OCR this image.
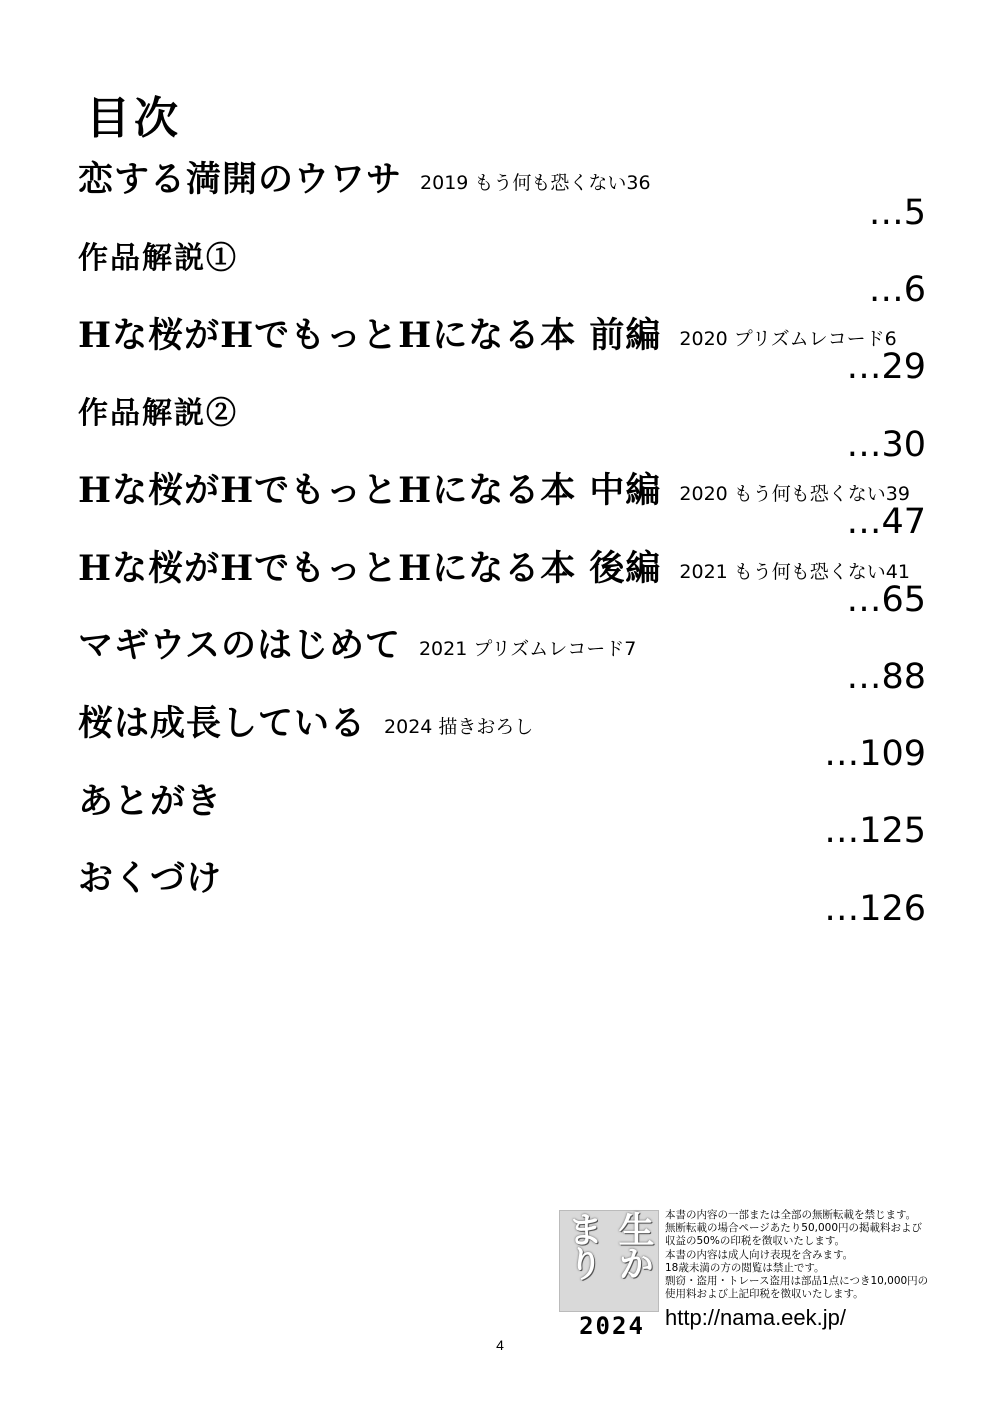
目次
恋する満開のウワサ 2019 もう何も恐くない36
…5
作品解説①
…6
Hな桜がHでもっとHになる本 前編 2020 プリズムレコード6
…29
作品解説②
…30
Hな桜がHでもっとHになる本 中編 2020 もう何も恐くない39
…47
Hな桜がHでもっとHになる本 後編 2021 もう何も恐くない41
…65
マギウスのはじめて 2021 プリズムレコード7
…88
桜は成長している 2024 描きおろし
…109
あとがき
…125
おくづけ
…126
生かまり
2024
本書の内容の一部または全部の無断転載を禁じます。
無断転載の場合ページあたり50,000円の掲載料および
収益の50%の印税を徴収いたします。
本書の内容は成人向け表現を含みます。
18歳未満の方の閲覧は禁止です。
剽窃・盗用・トレース盗用は部品1点につき10,000円の
使用料および上記印税を徴収いたします。
http://nama.eek.jp/
4
